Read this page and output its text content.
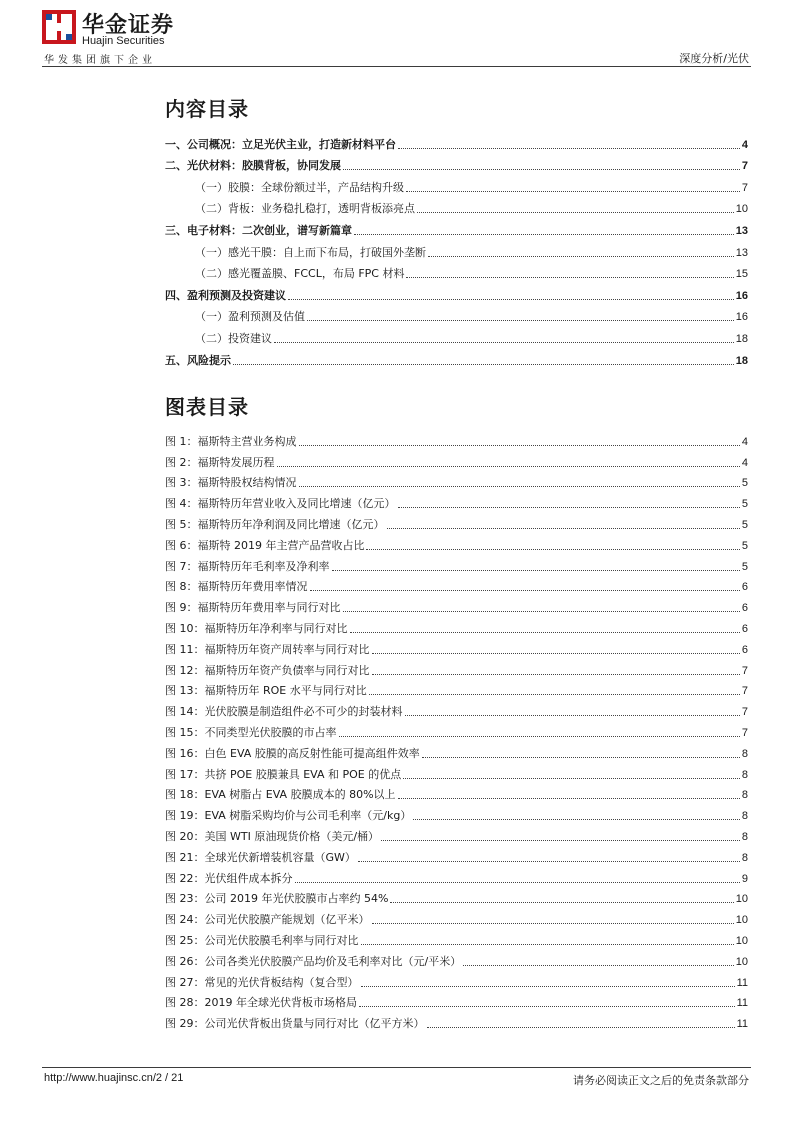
华金证券
Huajin Securities
华发集团旗下企业	深度分析/光伏
内容目录
一、公司概况：立足光伏主业，打造新材料平台	4
二、光伏材料：胶膜背板，协同发展	7
（一）胶膜：全球份额过半，产品结构升级	7
（二）背板：业务稳扎稳打，透明背板添亮点	10
三、电子材料：二次创业，谱写新篇章	13
（一）感光干膜：自上而下布局，打破国外垄断	13
（二）感光覆盖膜、FCCL，布局 FPC 材料	15
四、盈利预测及投资建议	16
（一）盈利预测及估值	16
（二）投资建议	18
五、风险提示	18
图表目录
图 1：福斯特主营业务构成	4
图 2：福斯特发展历程	4
图 3：福斯特股权结构情况	5
图 4：福斯特历年营业收入及同比增速（亿元）	5
图 5：福斯特历年净利润及同比增速（亿元）	5
图 6：福斯特 2019 年主营产品营收占比	5
图 7：福斯特历年毛利率及净利率	5
图 8：福斯特历年费用率情况	6
图 9：福斯特历年费用率与同行对比	6
图 10：福斯特历年净利率与同行对比	6
图 11：福斯特历年资产周转率与同行对比	6
图 12：福斯特历年资产负债率与同行对比	7
图 13：福斯特历年 ROE 水平与同行对比	7
图 14：光伏胶膜是制造组件必不可少的封装材料	7
图 15：不同类型光伏胶膜的市占率	7
图 16：白色 EVA 胶膜的高反射性能可提高组件效率	8
图 17：共挤 POE 胶膜兼具 EVA 和 POE 的优点	8
图 18：EVA 树脂占 EVA 胶膜成本的 80%以上	8
图 19：EVA 树脂采购均价与公司毛利率（元/kg）	8
图 20：美国 WTI 原油现货价格（美元/桶）	8
图 21：全球光伏新增装机容量（GW）	8
图 22：光伏组件成本拆分	9
图 23：公司 2019 年光伏胶膜市占率约 54%	10
图 24：公司光伏胶膜产能规划（亿平米）	10
图 25：公司光伏胶膜毛利率与同行对比	10
图 26：公司各类光伏胶膜产品均价及毛利率对比（元/平米）	10
图 27：常见的光伏背板结构（复合型）	11
图 28：2019 年全球光伏背板市场格局	11
图 29：公司光伏背板出货量与同行对比（亿平方米）	11
http://www.huajinsc.cn/2 / 21	请务必阅读正文之后的免责条款部分
